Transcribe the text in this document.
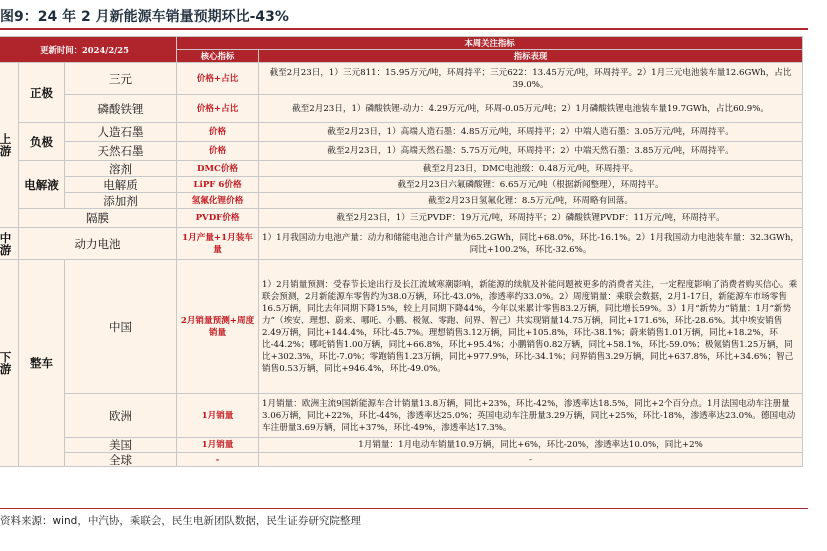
图9：24 年 2 月新能源车销量预期环比-43%
更新时间：2024/2/25			本周关注指标	
			核心指标	指标表现
上游	正极	三元	价格+占比	截至2月23日，1）三元811：15.95万元/吨，环周持平；三元622：13.45万元/吨，环周持平。2）1月三元电池装车量12.6GWh，占比39.0%。
		磷酸铁锂	价格+占比	截至2月23日，1）磷酸铁锂-动力：4.29万元/吨，环周-0.05万元/吨；2）1月磷酸铁锂电池装车量19.7GWh，占比60.9%。
	负极	人造石墨	价格	截至2月23日，1）高端人造石墨：4.85万元/吨，环周持平；2）中端人造石墨：3.05万元/吨，环周持平。
		天然石墨	价格	截至2月23日，1）高端天然石墨：5.75万元/吨，环周持平；2）中端天然石墨：3.85万元/吨，环周持平。
	电解液	溶剂	DMC价格	截至2月23日，DMC电池级：0.48万元/吨，环周持平。
		电解质	LiPF 6价格	截至2月23日六氟磷酸锂：6.65万元/吨（根据新闻整理），环周持平。
		添加剂	氢氟化锂价格	截至2月23日氢氟化锂：8.5万元/吨，环周略有回落。
	隔膜		PVDF价格	截至2月23日，1）三元PVDF：19万元/吨，环周持平；2）磷酸铁锂PVDF：11万元/吨，环周持平。
中游	动力电池		1月产量+1月装车量	1）1月我国动力电池产量：动力和储能电池合计产量为65.2GWh，同比+68.0%，环比-16.1%。2）1月我国动力电池装车量：32.3GWh，同比+100.2%，环比-32.6%。
下游	整车	中国	2月销量预测+周度销量	1）2月销量预测：受春节长途出行及长江流域寒潮影响，新能源的续航及补能问题被更多的消费者关注，一定程度影响了消费者购买信心。乘联会预测，2月新能源车零售约为38.0万辆，环比-43.0%，渗透率约33.0%。2）周度销量：乘联会数据，2月1-17日，新能源车市场零售16.5万辆，同比去年同期下降15%，较上月同期下降44%，今年以来累计零售83.2万辆，同比增长59%。3）1月“新势力”销量：1月“新势力”（埃安、理想、蔚来、哪吒、小鹏、极氪、零跑、问界、智己）共实现销量14.75万辆，同比+171.6%，环比-28.6%。其中埃安销售2.49万辆，同比+144.4%，环比-45.7%。理想销售3.12万辆，同比+105.8%，环比-38.1%；蔚来销售1.01万辆，同比+18.2%，环比-44.2%；哪吒销售1.00万辆，同比+66.8%，环比+95.4%；小鹏销售0.82万辆，同比+58.1%，环比-59.0%；极氪销售1.25万辆，同比+302.3%，环比-7.0%；零跑销售1.23万辆，同比+977.9%，环比-34.1%；问界销售3.29万辆，同比+637.8%，环比+34.6%；智己销售0.53万辆，同比+946.4%，环比-49.0%。
		欧洲	1月销量	1月销量：欧洲主流9国新能源车合计销量13.8万辆，同比+23%，环比-42%，渗透率达18.5%，同比+2个百分点。1月法国电动车注册量3.06万辆，同比+22%，环比-44%，渗透率达25.0%；英国电动车注册量3.29万辆，同比+25%，环比-18%，渗透率达23.0%。德国电动车注册量3.69万辆，同比+37%，环比-49%，渗透率达17.3%。
		美国	1月销量	1月销量：1月电动车销量10.9万辆，同比+6%，环比-20%，渗透率达10.0%，同比+2%
		全球	-	-
资料来源：wind，中汽协，乘联会，民生电新团队数据，民生证券研究院整理
